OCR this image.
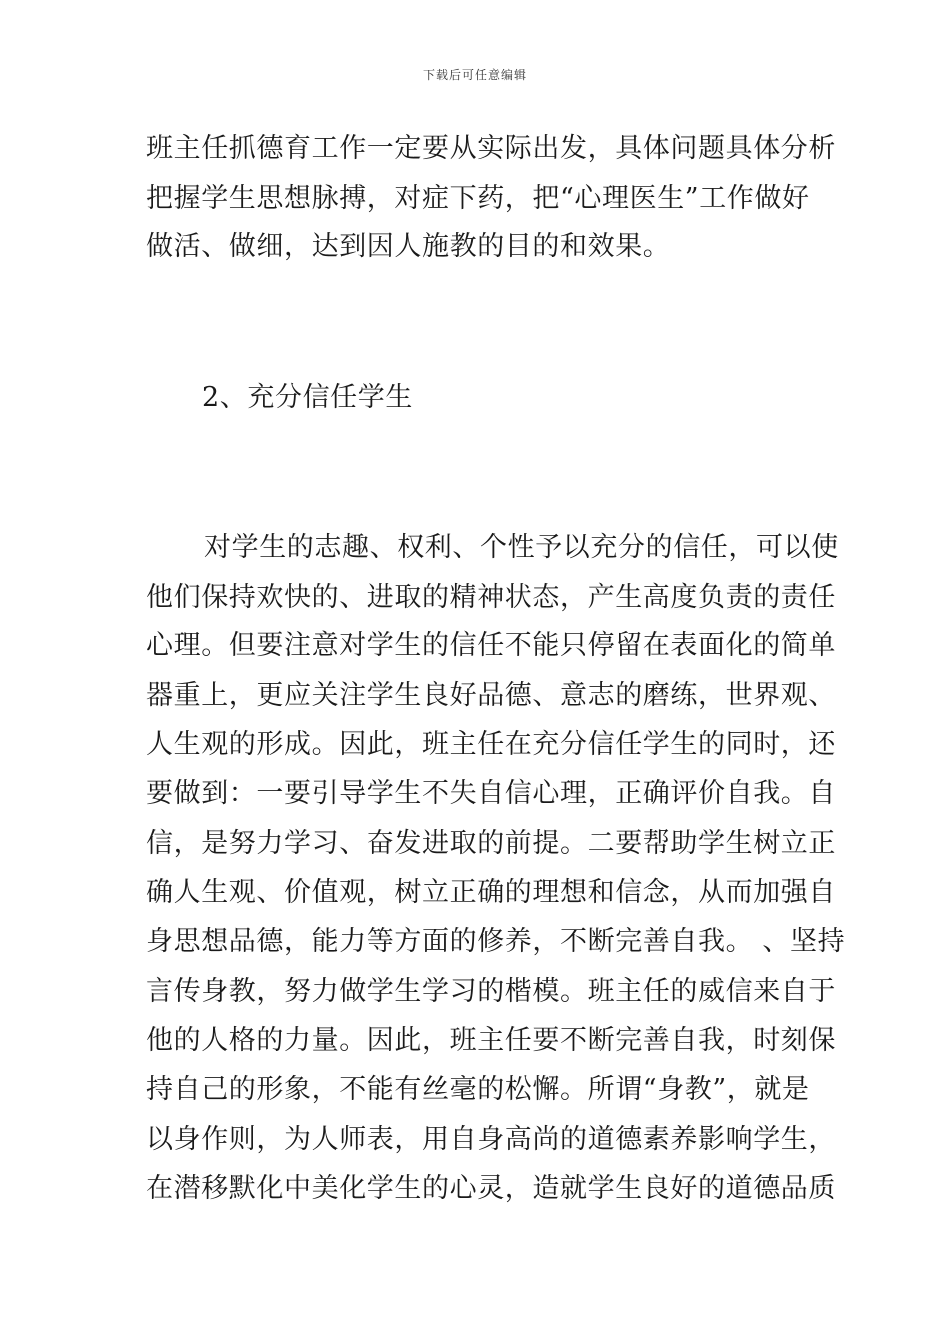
下载后可任意编辑
班主任抓德育工作一定要从实际出发，具体问题具体分析
把握学生思想脉搏，对症下药，把“心理医生”工作做好
做活、做细，达到因人施教的目的和效果。
2、充分信任学生
对学生的志趣、权利、个性予以充分的信任，可以使
他们保持欢快的、进取的精神状态，产生高度负责的责任
心理。但要注意对学生的信任不能只停留在表面化的简单
器重上，更应关注学生良好品德、意志的磨练，世界观、
人生观的形成。因此，班主任在充分信任学生的同时，还
要做到：一要引导学生不失自信心理，正确评价自我。自
信，是努力学习、奋发进取的前提。二要帮助学生树立正
确人生观、价值观，树立正确的理想和信念，从而加强自
身思想品德，能力等方面的修养，不断完善自我。 、坚持
言传身教，努力做学生学习的楷模。班主任的威信来自于
他的人格的力量。因此，班主任要不断完善自我，时刻保
持自己的形象，不能有丝毫的松懈。所谓“身教”，就是
以身作则，为人师表，用自身高尚的道德素养影响学生，
在潜移默化中美化学生的心灵，造就学生良好的道德品质
